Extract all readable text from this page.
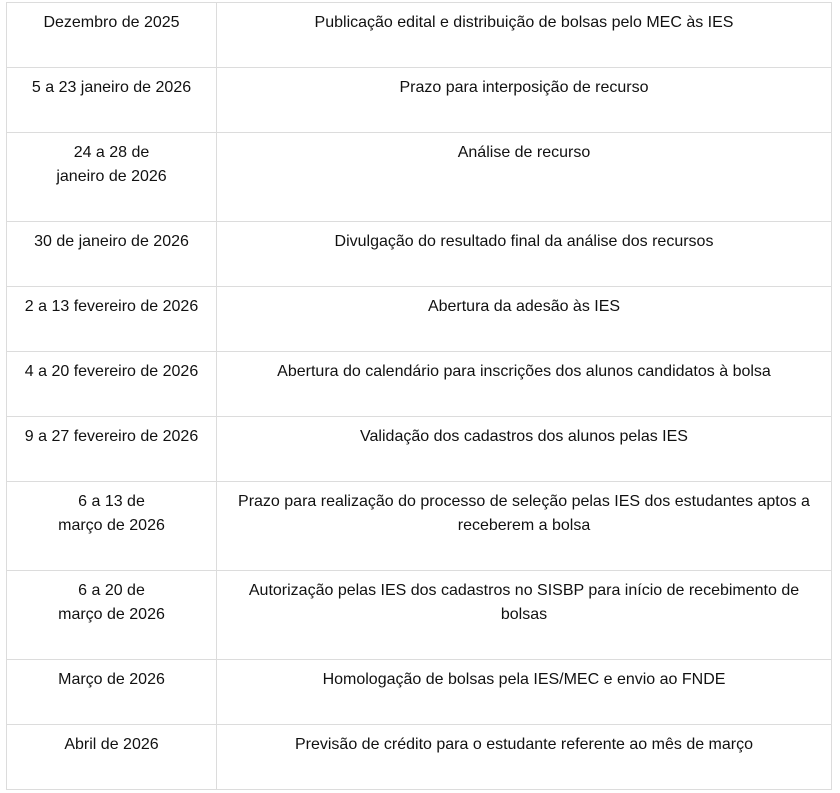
Dezembro de 2025	Publicação edital e distribuição de bolsas pelo MEC às IES

5 a 23 janeiro de 2026	Prazo para interposição de recurso

24 a 28 de
janeiro de 2026	Análise de recurso

30 de janeiro de 2026	Divulgação do resultado final da análise dos recursos

2 a 13 fevereiro de 2026	Abertura da adesão às IES

4 a 20 fevereiro de 2026	Abertura do calendário para inscrições dos alunos candidatos à bolsa

9 a 27 fevereiro de 2026	Validação dos cadastros dos alunos pelas IES

6 a 13 de
março de 2026	Prazo para realização do processo de seleção pelas IES dos estudantes aptos a receberem a bolsa

6 a 20 de
março de 2026	Autorização pelas IES dos cadastros no SISBP para início de recebimento de bolsas

Março de 2026	Homologação de bolsas pela IES/MEC e envio ao FNDE

Abril de 2026	Previsão de crédito para o estudante referente ao mês de março
